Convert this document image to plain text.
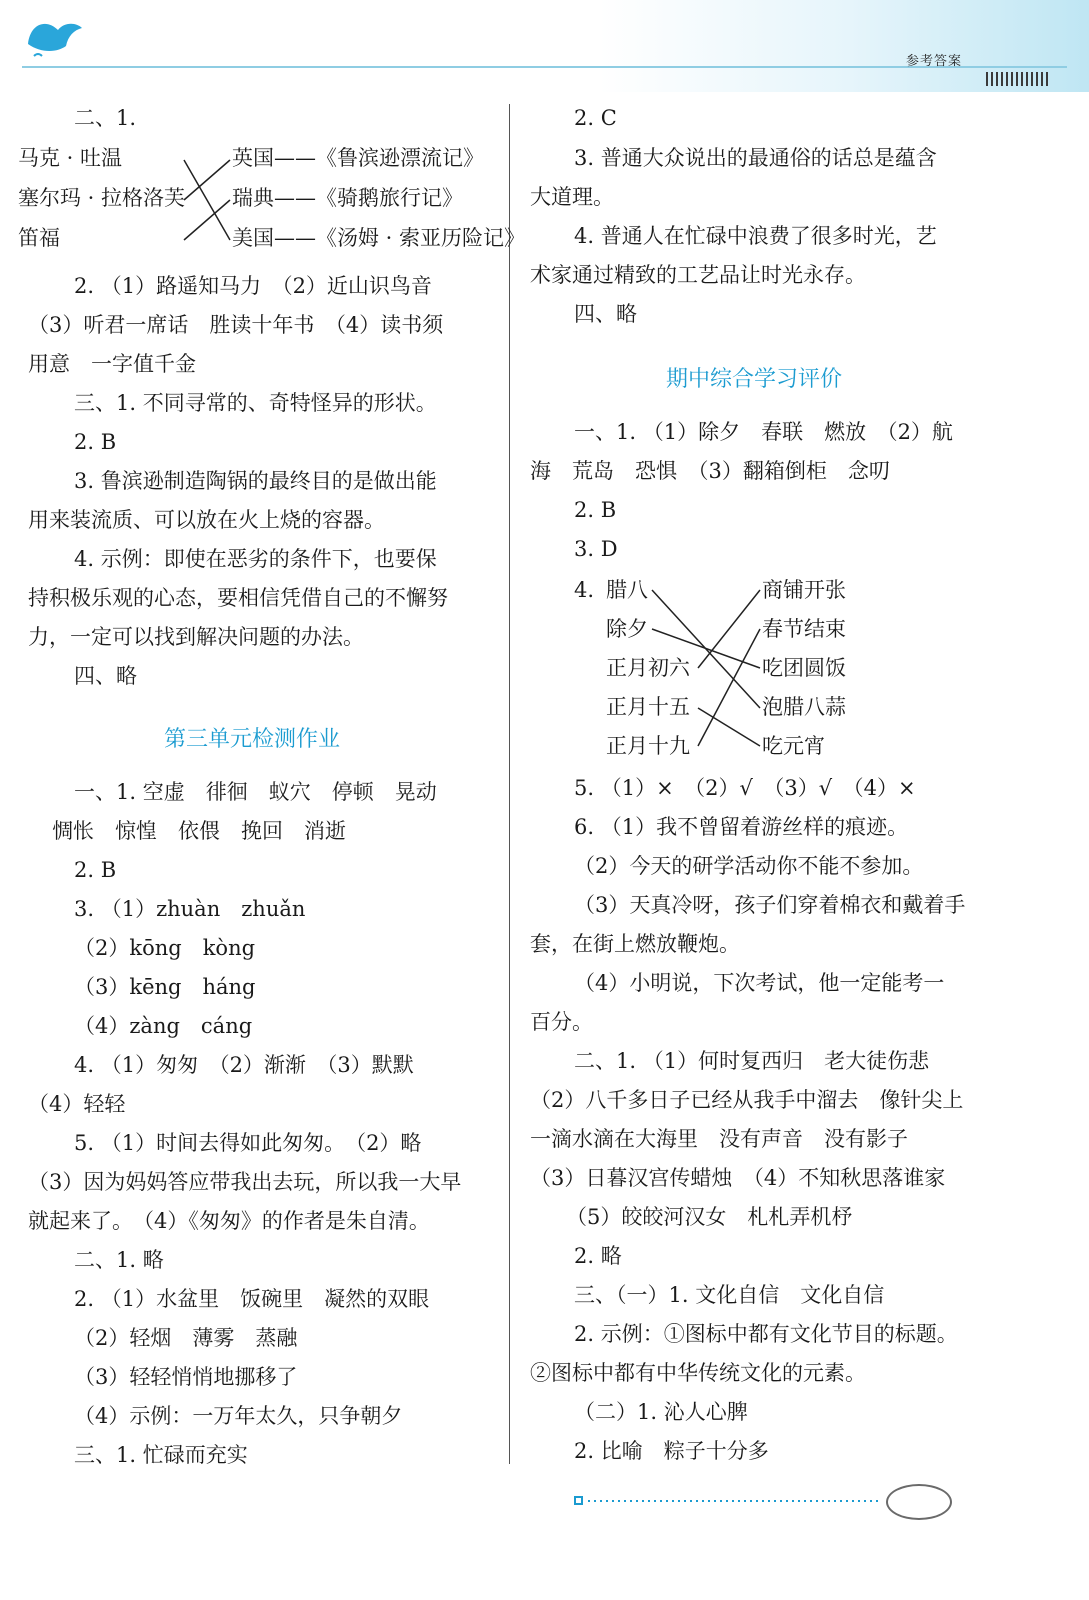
参考答案
二、1.
马克 · 吐温
塞尔玛 · 拉格洛芙
笛福
英国——《鲁滨逊漂流记》
瑞典——《骑鹅旅行记》
美国——《汤姆 · 索亚历险记》
2. （1）路遥知马力　（2）近山识鸟音
（3）听君一席话　胜读十年书　（4）读书须
用意　一字值千金
三、1. 不同寻常的、奇特怪异的形状。
2. B
3. 鲁滨逊制造陶锅的最终目的是做出能
用来装流质、可以放在火上烧的容器。
4. 示例：即使在恶劣的条件下，也要保
持积极乐观的心态，要相信凭借自己的不懈努
力，一定可以找到解决问题的办法。
四、略
第三单元检测作业
一、1. 空虚　徘徊　蚁穴　停顿　晃动
惆怅　惊惶　依偎　挽回　消逝
2. B
3. （1）zhuàn　zhuǎn
（2）kōng　kòng
（3）kēng　háng
（4）zàng　cáng
4. （1）匆匆　（2）渐渐　（3）默默
（4）轻轻
5. （1）时间去得如此匆匆。　（2）略
（3）因为妈妈答应带我出去玩，所以我一大早
就起来了。　（4）《匆匆》的作者是朱自清。
二、1. 略
2. （1）水盆里　饭碗里　凝然的双眼
（2）轻烟　薄雾　蒸融
（3）轻轻悄悄地挪移了
（4）示例：一万年太久，只争朝夕
三、1. 忙碌而充实
2. C
3. 普通大众说出的最通俗的话总是蕴含
大道理。
4. 普通人在忙碌中浪费了很多时光，艺
术家通过精致的工艺品让时光永存。
四、略
期中综合学习评价
一、1. （1）除夕　春联　燃放　（2）航
海　荒岛　恐惧　（3）翻箱倒柜　念叨
2. B
3. D
4. 腊八
除夕
正月初六
正月十五
正月十九
商铺开张
春节结束
吃团圆饭
泡腊八蒜
吃元宵
5. （1）×　（2）√　（3）√　（4）×
6. （1）我不曾留着游丝样的痕迹。
（2）今天的研学活动你不能不参加。
（3）天真冷呀，孩子们穿着棉衣和戴着手
套，在街上燃放鞭炮。
（4）小明说，下次考试，他一定能考一
百分。
二、1. （1）何时复西归　老大徒伤悲
（2）八千多日子已经从我手中溜去　像针尖上
一滴水滴在大海里　没有声音　没有影子
（3）日暮汉宫传蜡烛　（4）不知秋思落谁家
（5）皎皎河汉女　札札弄机杼
2. 略
三、（一）1. 文化自信　文化自信
2. 示例：①图标中都有文化节目的标题。
②图标中都有中华传统文化的元素。
（二）1. 沁人心脾
2. 比喻　粽子十分多
